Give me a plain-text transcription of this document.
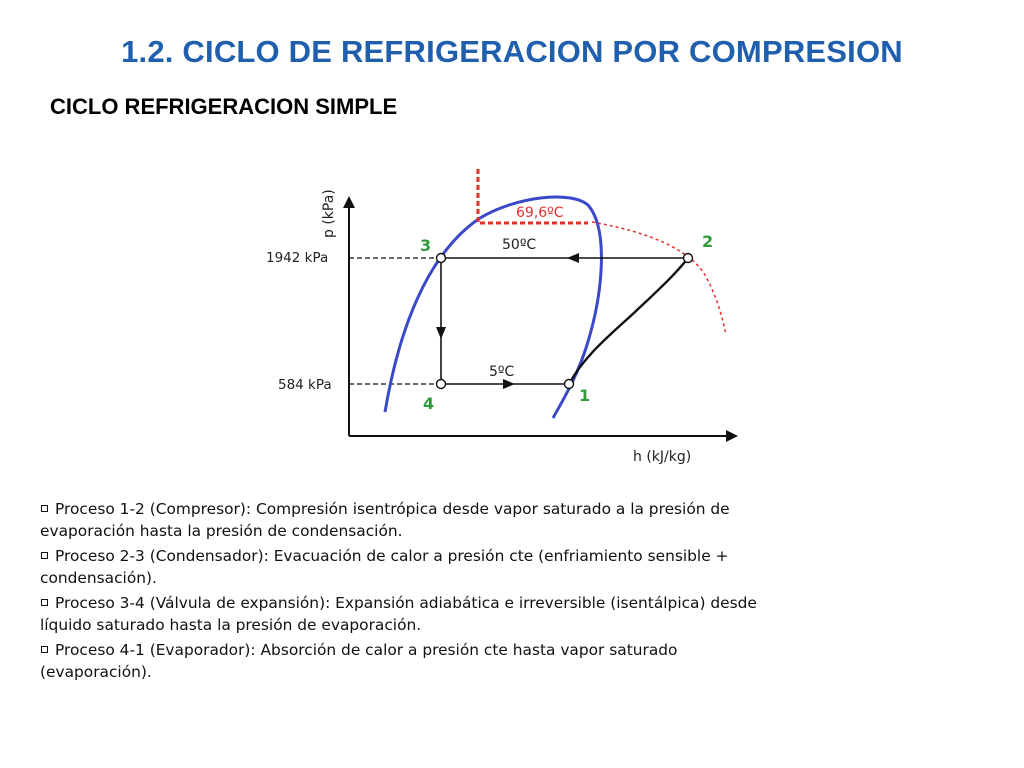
1.2. CICLO DE REFRIGERACION POR COMPRESION
CICLO REFRIGERACION SIMPLE
p (kPa)
h (kJ/kg)
1942 kPa
584 kPa
69,6ºC
50ºC
5ºC
3	2
4	1
Proceso 1-2 (Compresor): Compresión isentrópica desde vapor saturado a la presión de evaporación hasta la presión de condensación.
Proceso 2-3 (Condensador): Evacuación de calor a presión cte (enfriamiento sensible + condensación).
Proceso 3-4 (Válvula de expansión): Expansión adiabática e irreversible (isentálpica) desde líquido saturado hasta la presión de evaporación.
Proceso 4-1 (Evaporador): Absorción de calor a presión cte hasta vapor saturado (evaporación).
